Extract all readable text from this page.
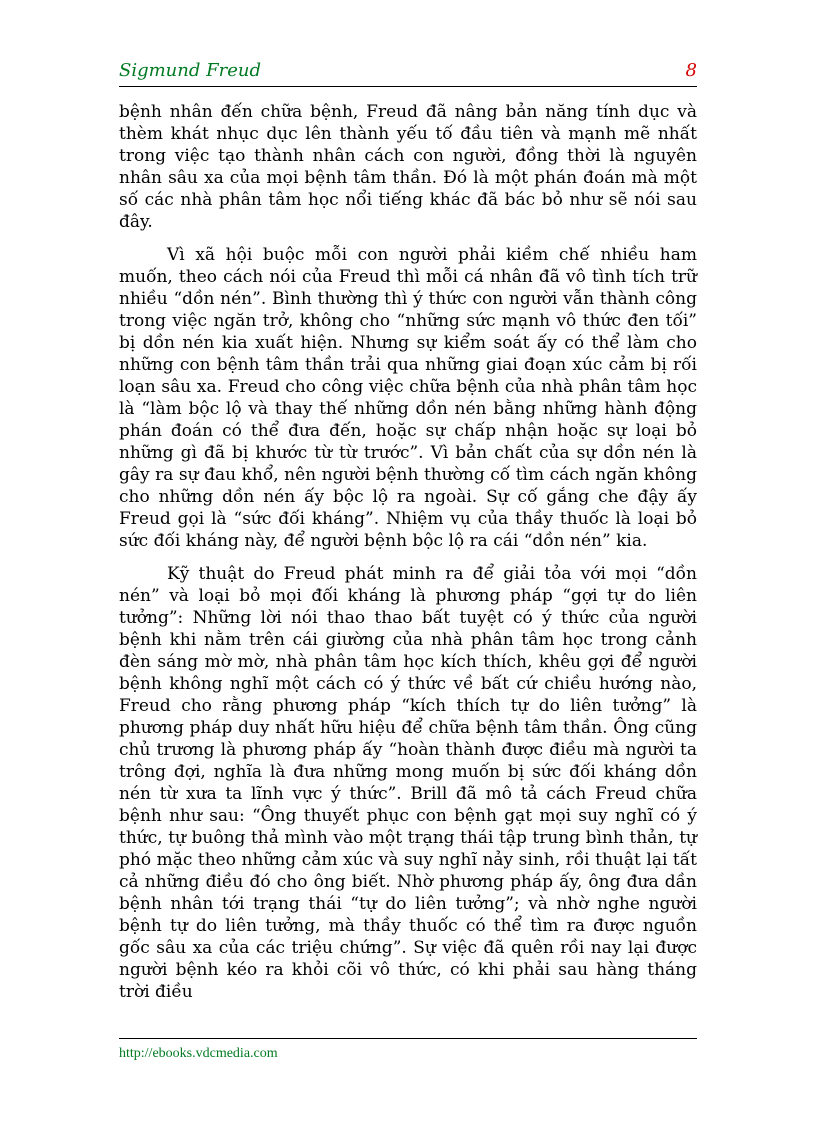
Sigmund Freud	8

bệnh nhân đến chữa bệnh, Freud đã nâng bản năng tính dục và thèm khát nhục dục lên thành yếu tố đầu tiên và mạnh mẽ nhất trong việc tạo thành nhân cách con người, đồng thời là nguyên nhân sâu xa của mọi bệnh tâm thần. Đó là một phán đoán mà một số các nhà phân tâm học nổi tiếng khác đã bác bỏ như sẽ nói sau đây.

Vì xã hội buộc mỗi con người phải kiềm chế nhiều ham muốn, theo cách nói của Freud thì mỗi cá nhân đã vô tình tích trữ nhiều “dồn nén”. Bình thường thì ý thức con người vẫn thành công trong việc ngăn trở, không cho “những sức mạnh vô thức đen tối” bị dồn nén kia xuất hiện. Nhưng sự kiểm soát ấy có thể làm cho những con bệnh tâm thần trải qua những giai đoạn xúc cảm bị rối loạn sâu xa. Freud cho công việc chữa bệnh của nhà phân tâm học là “làm bộc lộ và thay thế những dồn nén bằng những hành động phán đoán có thể đưa đến, hoặc sự chấp nhận hoặc sự loại bỏ những gì đã bị khước từ từ trước”. Vì bản chất của sự dồn nén là gây ra sự đau khổ, nên người bệnh thường cố tìm cách ngăn không cho những dồn nén ấy bộc lộ ra ngoài. Sự cố gắng che đậy ấy Freud gọi là “sức đối kháng”. Nhiệm vụ của thầy thuốc là loại bỏ sức đối kháng này, để người bệnh bộc lộ ra cái “dồn nén” kia.

Kỹ thuật do Freud phát minh ra để giải tỏa với mọi “dồn nén” và loại bỏ mọi đối kháng là phương pháp “gợi tự do liên tưởng”: Những lời nói thao thao bất tuyệt có ý thức của người bệnh khi nằm trên cái giường của nhà phân tâm học trong cảnh đèn sáng mờ mờ, nhà phân tâm học kích thích, khêu gợi để người bệnh không nghĩ một cách có ý thức về bất cứ chiều hướng nào, Freud cho rằng phương pháp “kích thích tự do liên tưởng” là phương pháp duy nhất hữu hiệu để chữa bệnh tâm thần. Ông cũng chủ trương là phương pháp ấy “hoàn thành được điều mà người ta trông đợi, nghĩa là đưa những mong muốn bị sức đối kháng dồn nén từ xưa ta lĩnh vực ý thức”. Brill đã mô tả cách Freud chữa bệnh như sau: “Ông thuyết phục con bệnh gạt mọi suy nghĩ có ý thức, tự buông thả mình vào một trạng thái tập trung bình thản, tự phó mặc theo những cảm xúc và suy nghĩ nảy sinh, rồi thuật lại tất cả những điều đó cho ông biết. Nhờ phương pháp ấy, ông đưa dần bệnh nhân tới trạng thái “tự do liên tưởng”; và nhờ nghe người bệnh tự do liên tưởng, mà thầy thuốc có thể tìm ra được nguồn gốc sâu xa của các triệu chứng”. Sự việc đã quên rồi nay lại được người bệnh kéo ra khỏi cõi vô thức, có khi phải sau hàng tháng trời điều

http://ebooks.vdcmedia.com
